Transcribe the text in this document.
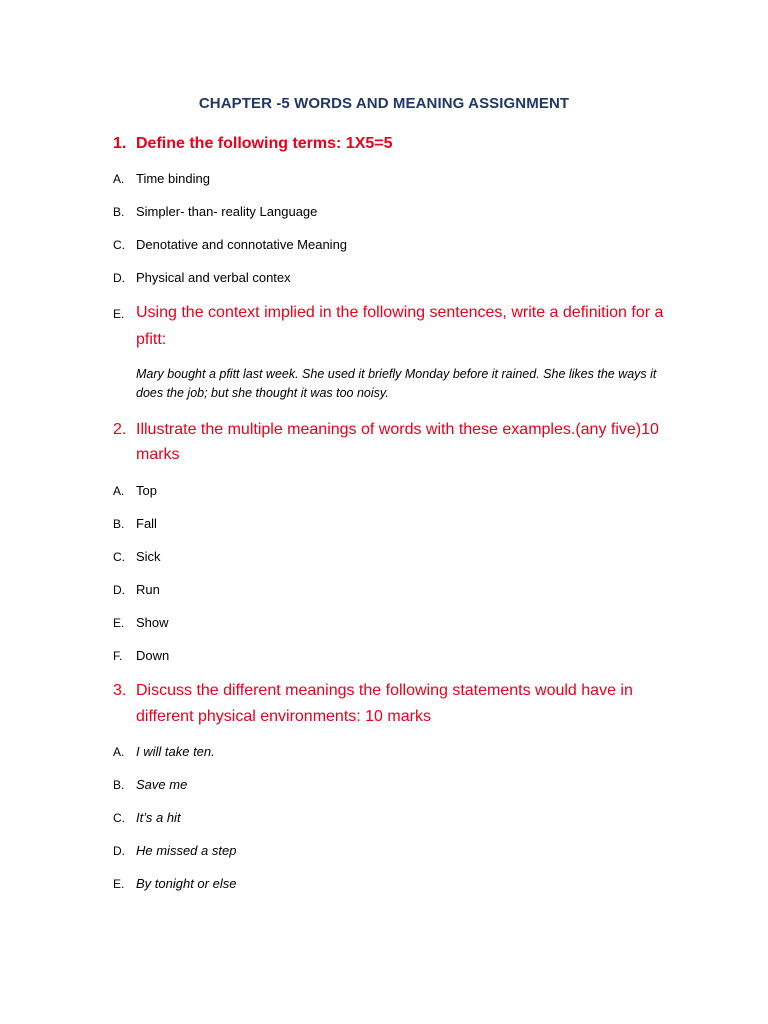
CHAPTER -5 WORDS AND MEANING ASSIGNMENT
1. Define the following terms: 1X5=5
A. Time binding
B. Simpler- than- reality Language
C. Denotative and connotative Meaning
D. Physical and verbal contex
E. Using the context implied in the following sentences, write a definition for a
pfitt:
Mary bought a pfitt last week. She used it briefly Monday before it rained. She likes the ways it
does the job; but she thought it was too noisy.
2. Illustrate the multiple meanings of words with these examples.(any five)10
marks
A. Top
B. Fall
C. Sick
D. Run
E. Show
F. Down
3. Discuss the different meanings the following statements would have in
different physical environments: 10 marks
A. I will take ten.
B. Save me
C. It’s a hit
D. He missed a step
E. By tonight or else
